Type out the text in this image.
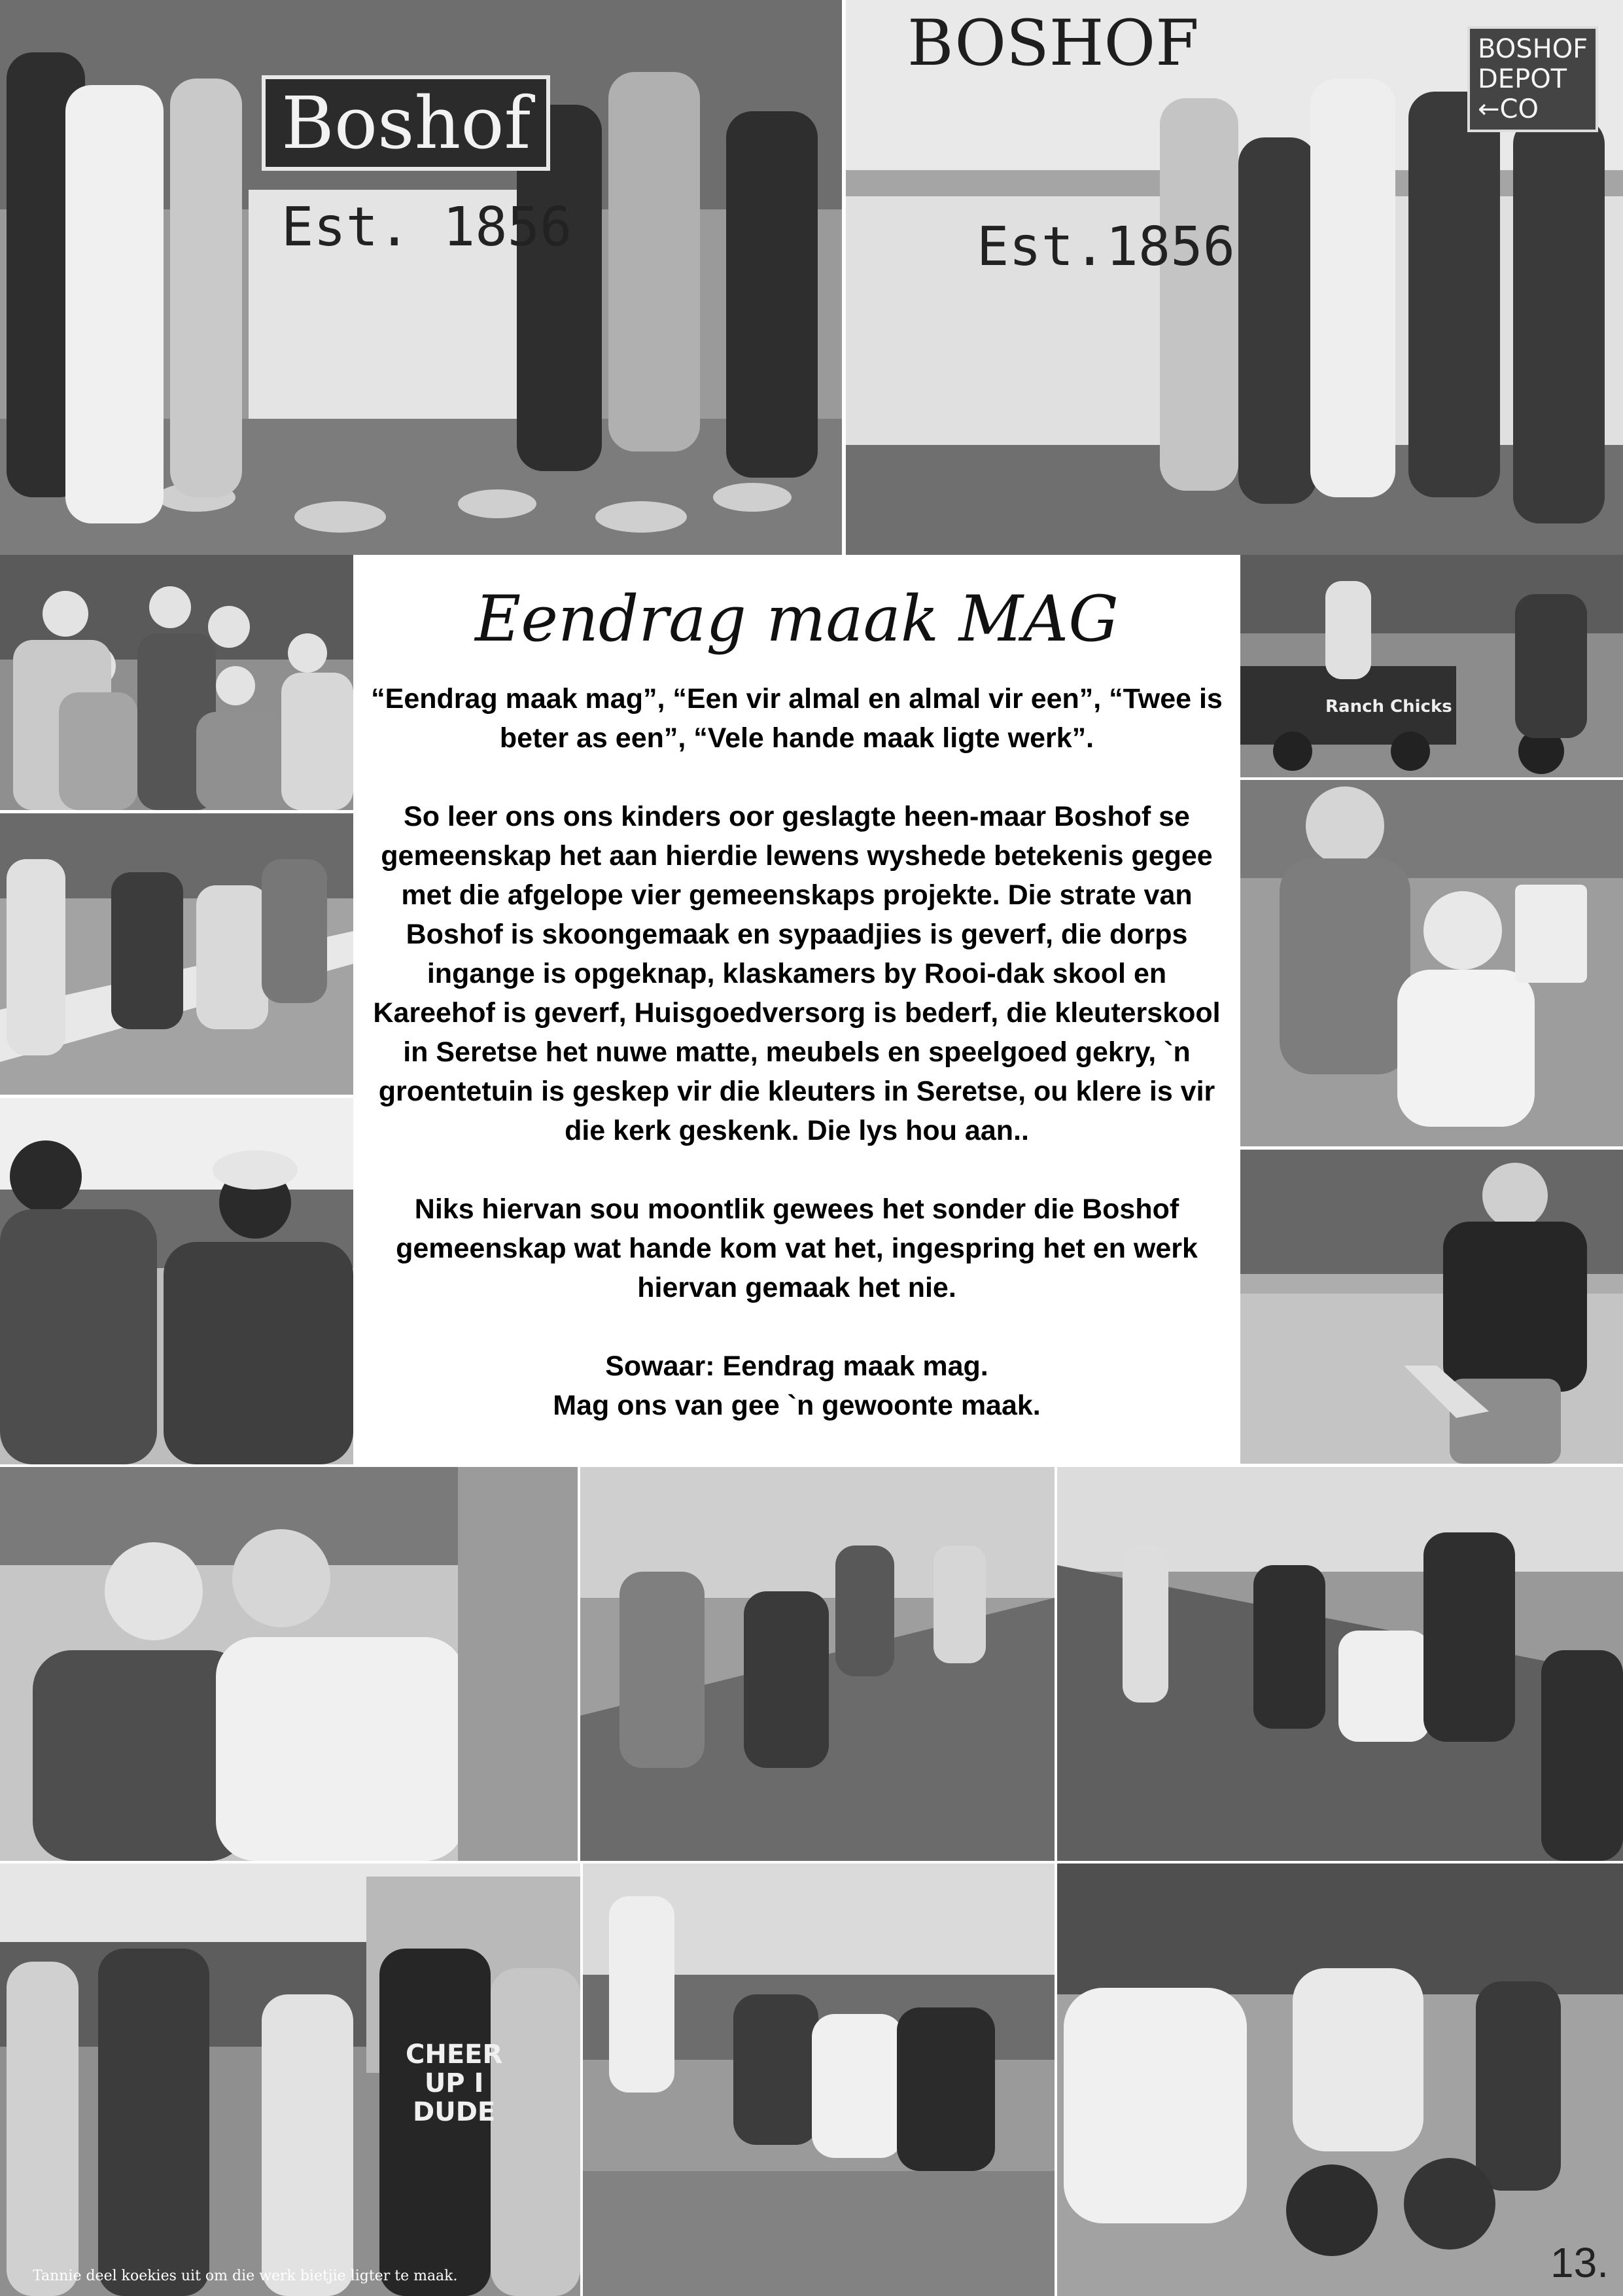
Boshof
Est. 1856
BOSHOF
Est.1856
BOSHOF
DEPOT
←CO
Eendrag maak MAG

“Eendrag maak mag”, “Een vir almal en almal vir een”, “Twee is beter as een”, “Vele hande maak ligte werk”.

So leer ons ons kinders oor geslagte heen-maar Boshof se gemeenskap het aan hierdie lewens wyshede betekenis gegee met die afgelope vier gemeenskaps projekte. Die strate van Boshof is skoongemaak en sypaadjies is geverf, die dorps ingange is opgeknap, klaskamers by Rooi-dak skool en Kareehof is geverf, Huisgoedversorg is bederf, die kleuterskool in Seretse het nuwe matte, meubels en speelgoed gekry, `n groentetuin is geskep vir die kleuters in Seretse, ou klere is vir die kerk geskenk. Die lys hou aan..

Niks hiervan sou moontlik gewees het sonder die Boshof gemeenskap wat hande kom vat het, ingespring het en werk hiervan gemaak het nie.

Sowaar: Eendrag maak mag.
Mag ons van gee `n gewoonte maak.

Ranch Chicks
CHEER
UP I
DUDE
Tannie deel koekies uit om die werk bietjie ligter te maak.	13.
